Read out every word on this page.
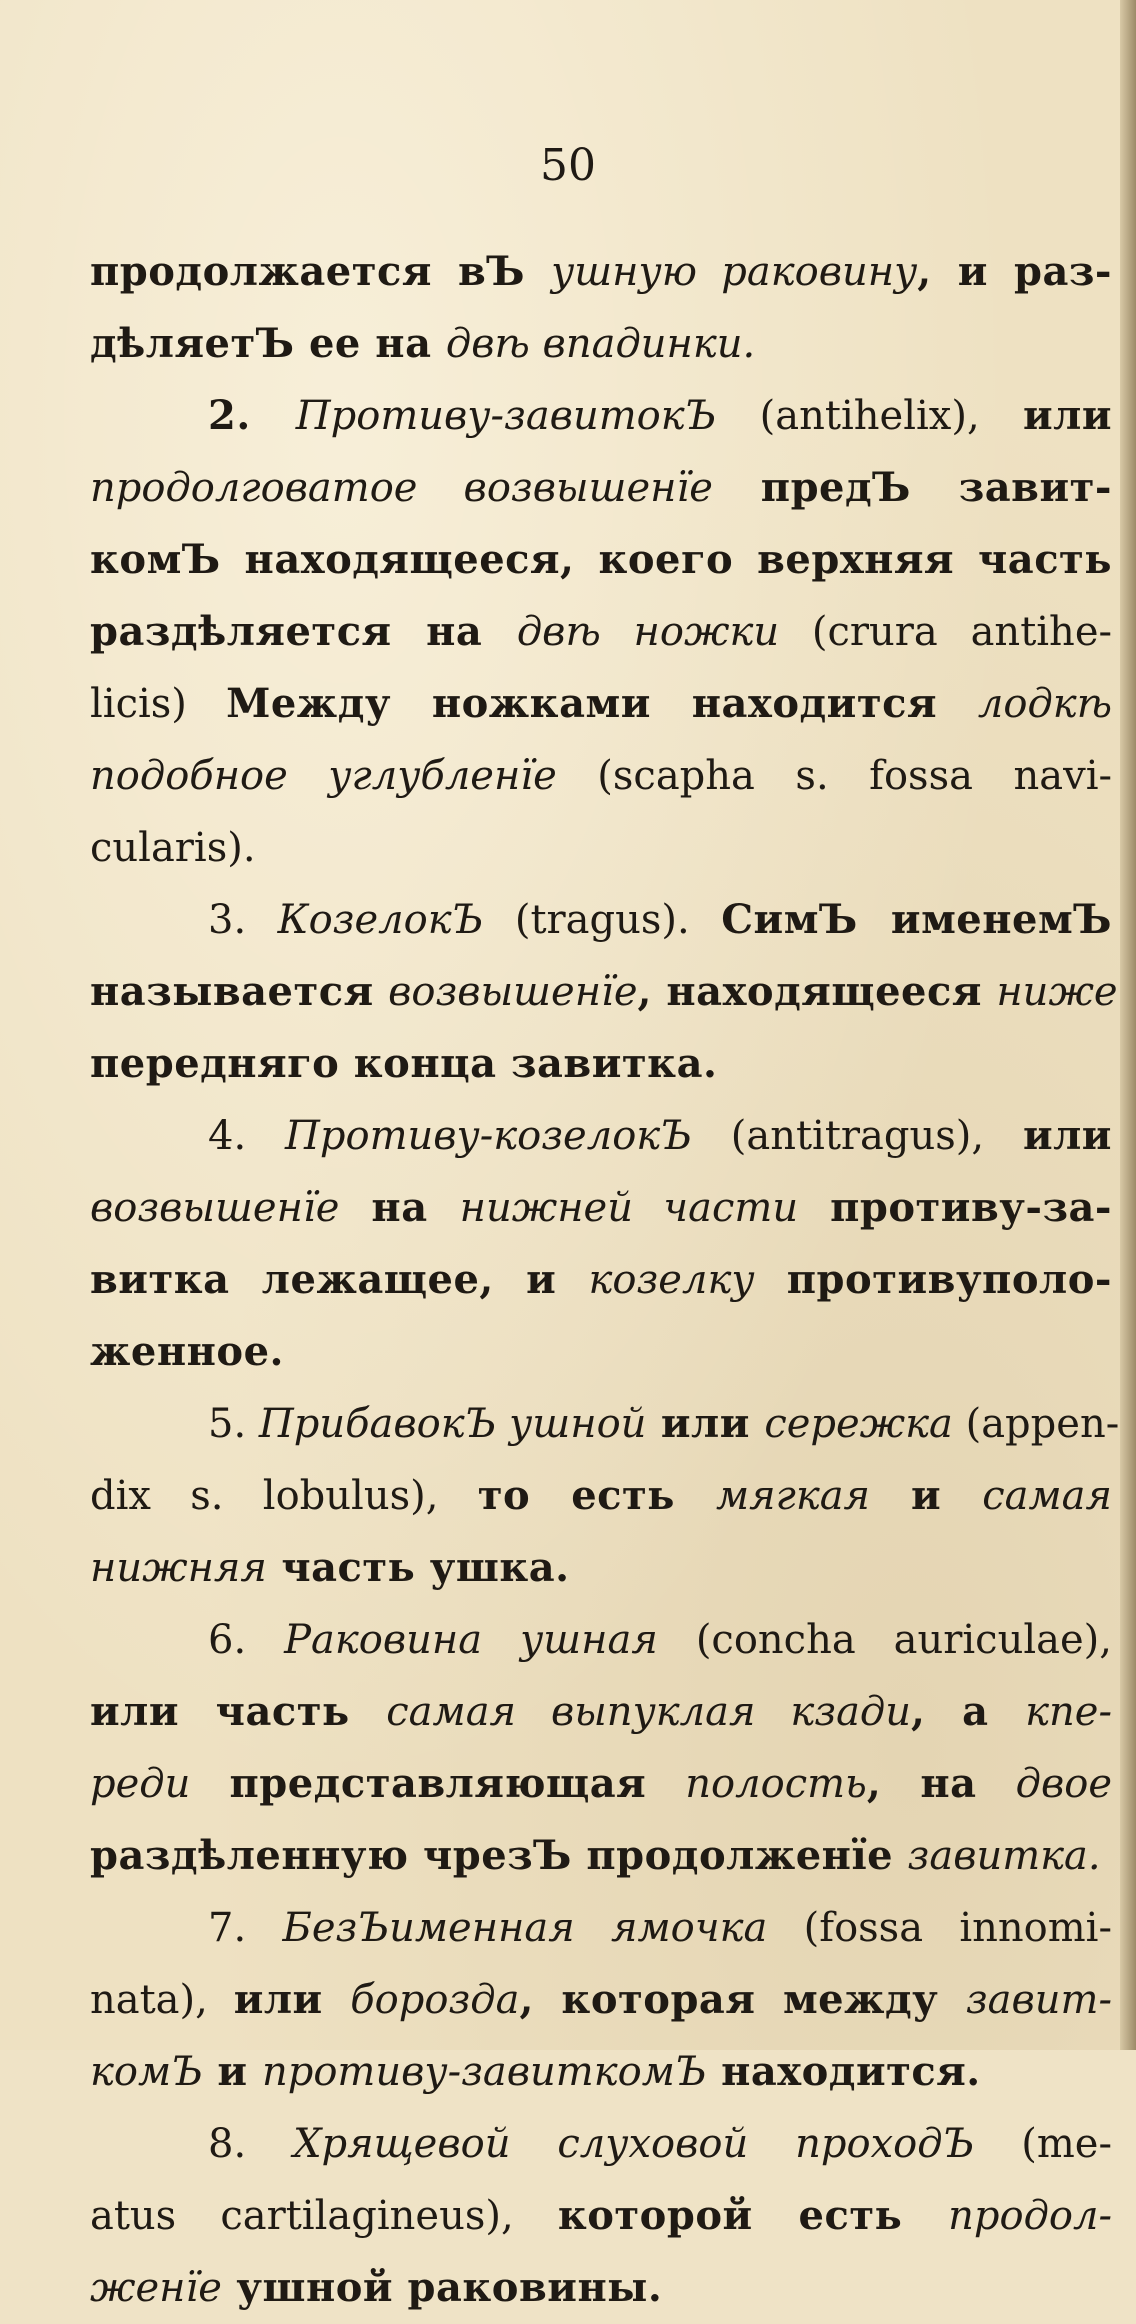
50
продолжается вЪ ушную раковину, и раз-
дѣляетЪ ее на двѣ впадинки.
2. Противу-завитокЪ (antihelix), или
продолговатое возвышенїе предЪ завит-
комЪ находящееся, коего верхняя часть
раздѣляется на двѣ ножки (crura antihe-
licis) Между ножками находится лодкѣ
подобное углубленїе (scapha s. fossa navi-
cularis).
3. КозелокЪ (tragus). СимЪ именемЪ
называется возвышенїе, находящееся ниже
передняго конца завитка.
4. Противу-козелокЪ (antitragus), или
возвышенїе на нижней части противу-за-
витка лежащее, и козелку противуполо-
женное.
5. ПрибавокЪ ушной или сережка (appen-
dix s. lobulus), то есть мягкая и самая
нижняя часть ушка.
6. Раковина ушная (concha auriculae),
или часть самая выпуклая кзади, а кпе-
реди представляющая полость, на двое
раздѣленную чрезЪ продолженїе завитка.
7. БезЪименная ямочка (fossa innomi-
nata), или борозда, которая между завит-
комЪ и противу-завиткомЪ находится.
8. Хрящевой слуховой проходЪ (me-
atus cartilagineus), которой есть продол-
женїе ушной раковины.
